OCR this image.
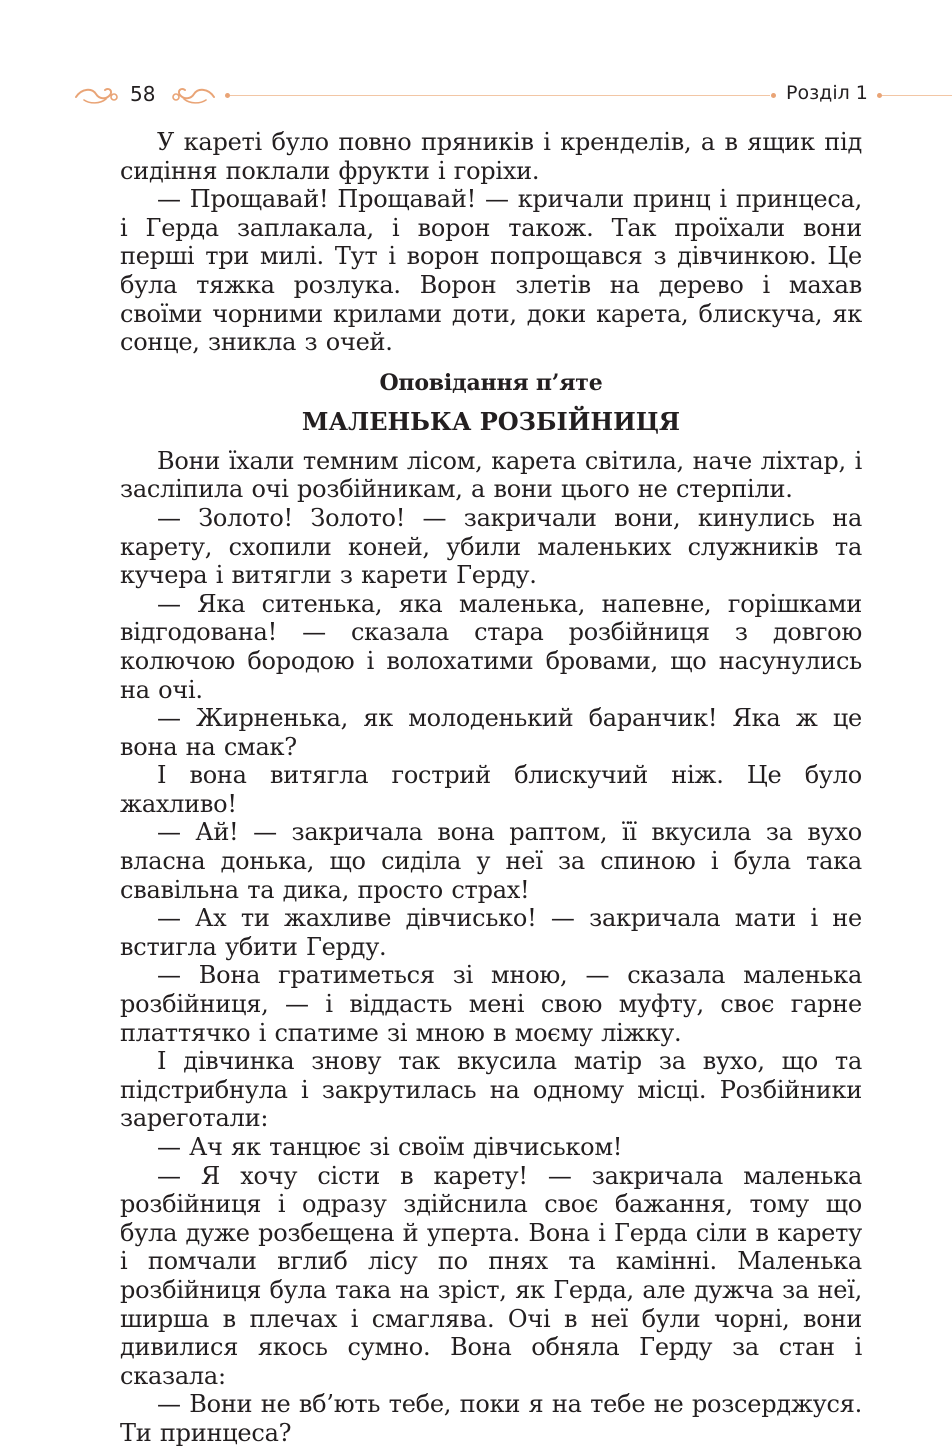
58	Розділ 1

У кареті було повно пряників і кренделів, а в ящик під сидіння поклали фрукти і горіхи.

— Прощавай! Прощавай! — кричали принц і принцеса, і Герда заплакала, і ворон також. Так проїхали вони перші три милі. Тут і ворон попрощався з дівчинкою. Це була тяжка розлука. Ворон злетів на дерево і махав своїми чорними крилами доти, доки карета, блискуча, як сонце, зникла з очей.

Оповідання п’яте
МАЛЕНЬКА РОЗБІЙНИЦЯ

Вони їхали темним лісом, карета світила, наче ліхтар, і засліпила очі розбійникам, а вони цього не стерпіли.

— Золото! Золото! — закричали вони, кинулись на карету, схопили коней, убили маленьких служників та кучера і витягли з карети Герду.

— Яка ситенька, яка маленька, напевне, горішками відгодована! — сказала стара розбійниця з довгою колючою бородою і волохатими бровами, що насунулись на очі.

— Жирненька, як молоденький баранчик! Яка ж це вона на смак?

І вона витягла гострий блискучий ніж. Це було жахливо!

— Ай! — закричала вона раптом, її вкусила за вухо власна донька, що сиділа у неї за спиною і була така свавільна та дика, просто страх!

— Ах ти жахливе дівчисько! — закричала мати і не встигла убити Герду.

— Вона гратиметься зі мною, — сказала маленька розбійниця, — і віддасть мені свою муфту, своє гарне платтячко і спатиме зі мною в моєму ліжку.

І дівчинка знову так вкусила матір за вухо, що та підстрибнула і закрутилась на одному місці. Розбійники зареготали:

— Ач як танцює зі своїм дівчиськом!

— Я хочу сісти в карету! — закричала маленька розбійниця і одразу здійснила своє бажання, тому що була дуже розбещена й уперта. Вона і Герда сіли в карету і помчали вглиб лісу по пнях та камінні. Маленька розбійниця була така на зріст, як Герда, але дужча за неї, ширша в плечах і смаглява. Очі в неї були чорні, вони дивилися якось сумно. Вона обняла Герду за стан і сказала:

— Вони не вб’ють тебе, поки я на тебе не розсерджуся. Ти принцеса?
